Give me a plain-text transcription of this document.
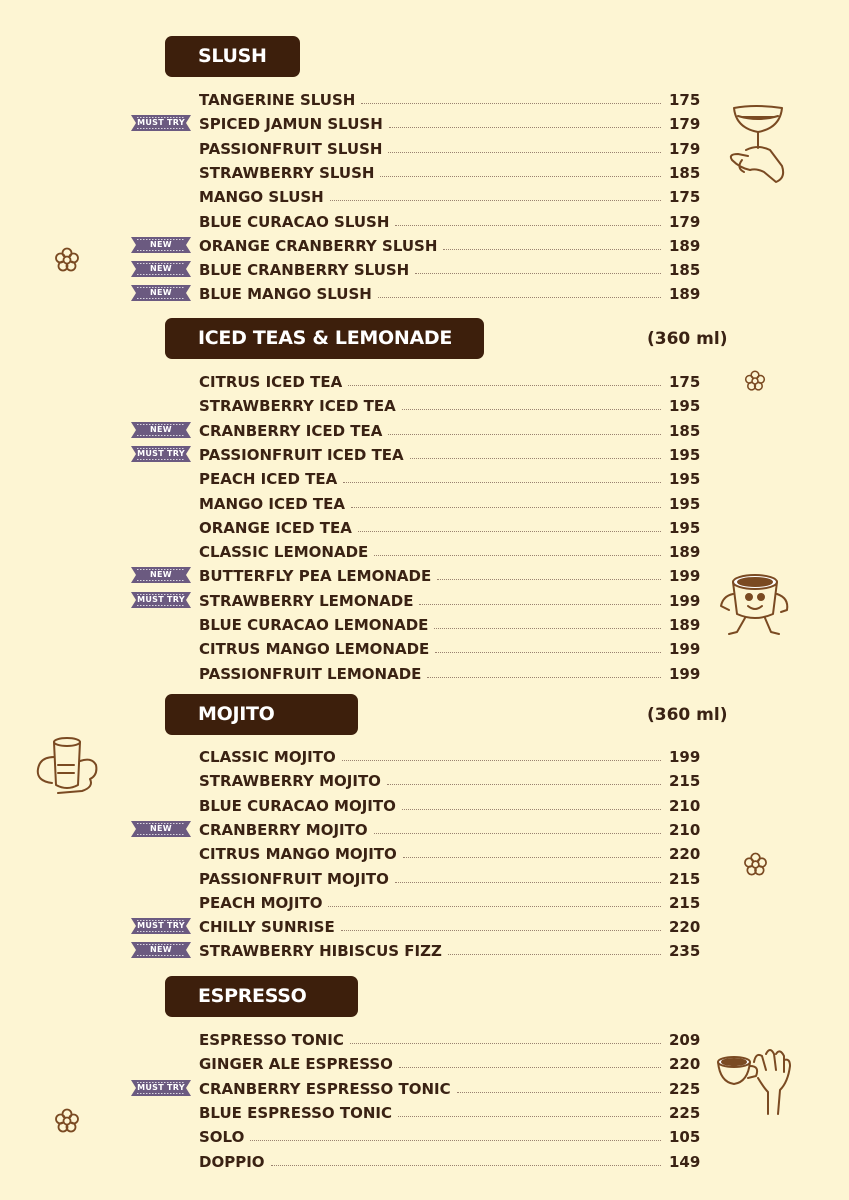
SLUSH
TANGERINE SLUSH	175
SPICED JAMUN SLUSH	179
MUST TRY
PASSIONFRUIT SLUSH	179
STRAWBERRY SLUSH	185
MANGO SLUSH	175
BLUE CURACAO SLUSH	179
ORANGE CRANBERRY SLUSH	189
NEW
BLUE CRANBERRY SLUSH	185
NEW
BLUE MANGO SLUSH	189
NEW
ICED TEAS & LEMONADE	(360 ml)
CITRUS ICED TEA	175
STRAWBERRY ICED TEA	195
CRANBERRY ICED TEA	185
NEW
PASSIONFRUIT ICED TEA	195
MUST TRY
PEACH ICED TEA	195
MANGO ICED TEA	195
ORANGE ICED TEA	195
CLASSIC LEMONADE	189
BUTTERFLY PEA LEMONADE	199
NEW
STRAWBERRY LEMONADE	199
MUST TRY
BLUE CURACAO LEMONADE	189
CITRUS MANGO LEMONADE	199
PASSIONFRUIT LEMONADE	199
MOJITO	(360 ml)
CLASSIC MOJITO	199
STRAWBERRY MOJITO	215
BLUE CURACAO MOJITO	210
CRANBERRY MOJITO	210
NEW
CITRUS MANGO MOJITO	220
PASSIONFRUIT MOJITO	215
PEACH MOJITO	215
CHILLY SUNRISE	220
MUST TRY
STRAWBERRY HIBISCUS FIZZ	235
NEW
ESPRESSO
ESPRESSO TONIC	209
GINGER ALE ESPRESSO	220
CRANBERRY ESPRESSO TONIC	225
MUST TRY
BLUE ESPRESSO TONIC	225
SOLO	105
DOPPIO	149
